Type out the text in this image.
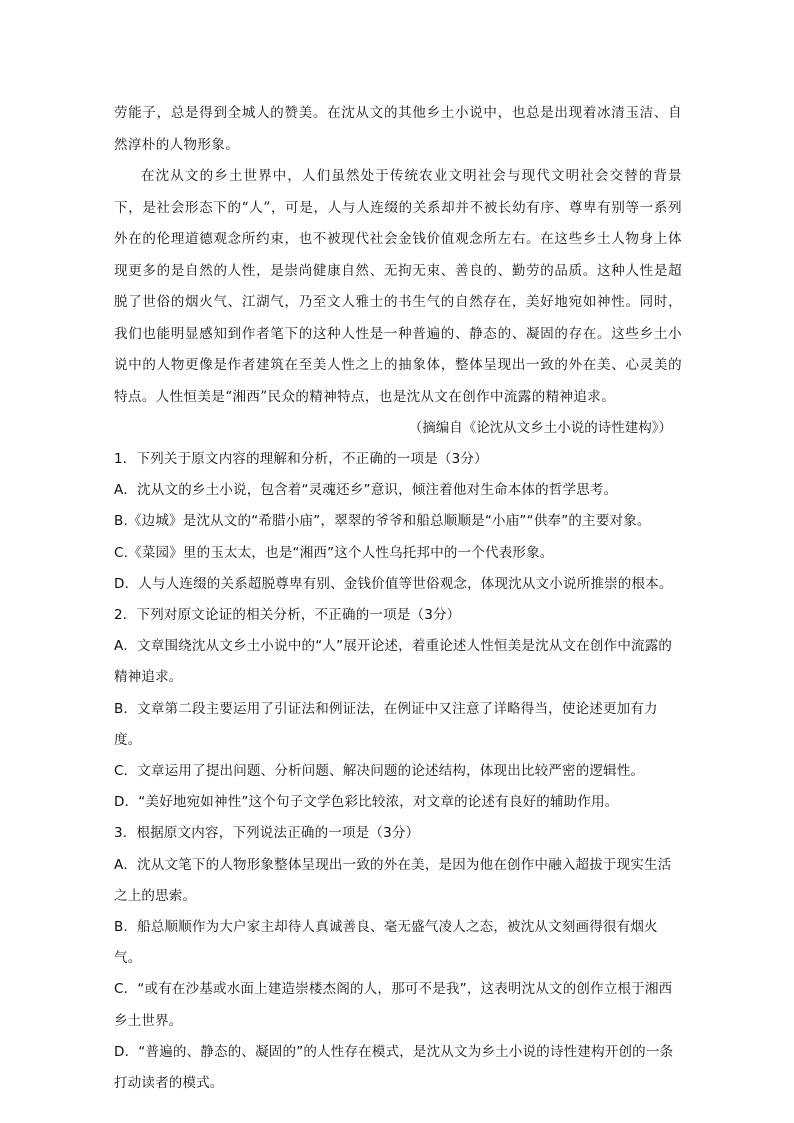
劳能子，总是得到全城人的赞美。在沈从文的其他乡土小说中，也总是出现着冰清玉洁、自然淳朴的人物形象。

在沈从文的乡土世界中，人们虽然处于传统农业文明社会与现代文明社会交替的背景下，是社会形态下的“人”，可是，人与人连缀的关系却并不被长幼有序、尊卑有别等一系列外在的伦理道德观念所约束，也不被现代社会金钱价值观念所左右。在这些乡土人物身上体现更多的是自然的人性，是崇尚健康自然、无拘无束、善良的、勤劳的品质。这种人性是超脱了世俗的烟火气、江湖气，乃至文人雅士的书生气的自然存在，美好地宛如神性。同时，我们也能明显感知到作者笔下的这种人性是一种普遍的、静态的、凝固的存在。这些乡土小说中的人物更像是作者建筑在至美人性之上的抽象体，整体呈现出一致的外在美、心灵美的特点。人性恒美是“湘西”民众的精神特点，也是沈从文在创作中流露的精神追求。

（摘编自《论沈从文乡土小说的诗性建构》）

1．下列关于原文内容的理解和分析，不正确的一项是（3分）

A．沈从文的乡土小说，包含着“灵魂还乡”意识，倾注着他对生命本体的哲学思考。

B.《边城》是沈从文的“希腊小庙”，翠翠的爷爷和船总顺顺是“小庙”“供奉”的主要对象。

C.《菜园》里的玉太太，也是“湘西”这个人性乌托邦中的一个代表形象。

D．人与人连缀的关系超脱尊卑有别、金钱价值等世俗观念，体现沈从文小说所推崇的根本。

2．下列对原文论证的相关分析，不正确的一项是（3分）

A．文章围绕沈从文乡土小说中的“人”展开论述，着重论述人性恒美是沈从文在创作中流露的精神追求。

B．文章第二段主要运用了引证法和例证法，在例证中又注意了详略得当，使论述更加有力度。

C．文章运用了提出问题、分析问题、解决问题的论述结构，体现出比较严密的逻辑性。

D．“美好地宛如神性”这个句子文学色彩比较浓，对文章的论述有良好的辅助作用。

3．根据原文内容，下列说法正确的一项是（3分）

A．沈从文笔下的人物形象整体呈现出一致的外在美，是因为他在创作中融入超拔于现实生活之上的思索。

B．船总顺顺作为大户家主却待人真诚善良、毫无盛气凌人之态，被沈从文刻画得很有烟火气。

C．“或有在沙基或水面上建造崇楼杰阁的人，那可不是我”，这表明沈从文的创作立根于湘西乡土世界。

D．“普遍的、静态的、凝固的”的人性存在模式，是沈从文为乡土小说的诗性建构开创的一条打动读者的模式。
